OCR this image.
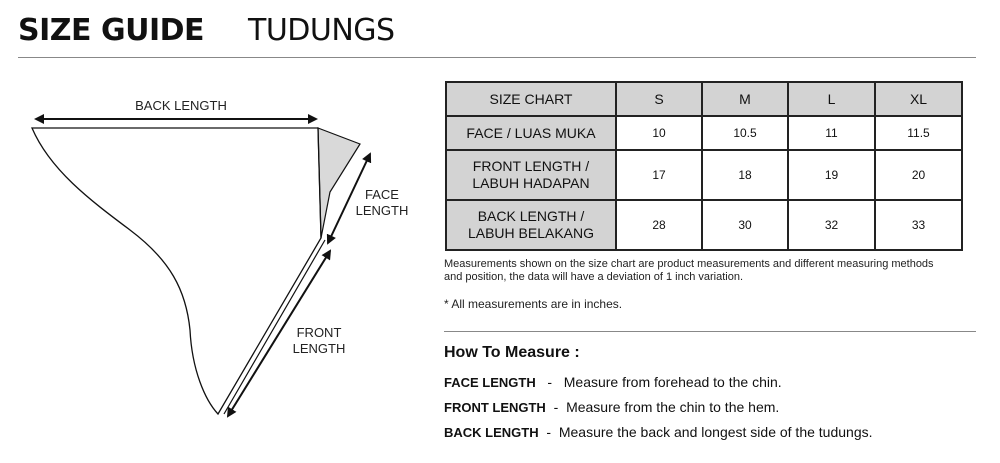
SIZE GUIDE TUDUNGS
BACK LENGTH
FACE
LENGTH
FRONT
LENGTH
SIZE CHART	S	M	L	XL
FACE / LUAS MUKA	10	10.5	11	11.5

FRONT LENGTH /
LABUH HADAPAN	17	18	19	20

BACK LENGTH /
LABUH BELAKANG	28	30	32	33
Measurements shown on the size chart are product measurements and different measuring methods
and position, the data will have a deviation of 1 inch variation.
* All measurements are in inches.
How To Measure :
FACE LENGTH - Measure from forehead to the chin.
FRONT LENGTH - Measure from the chin to the hem.
BACK LENGTH - Measure the back and longest side of the tudungs.
